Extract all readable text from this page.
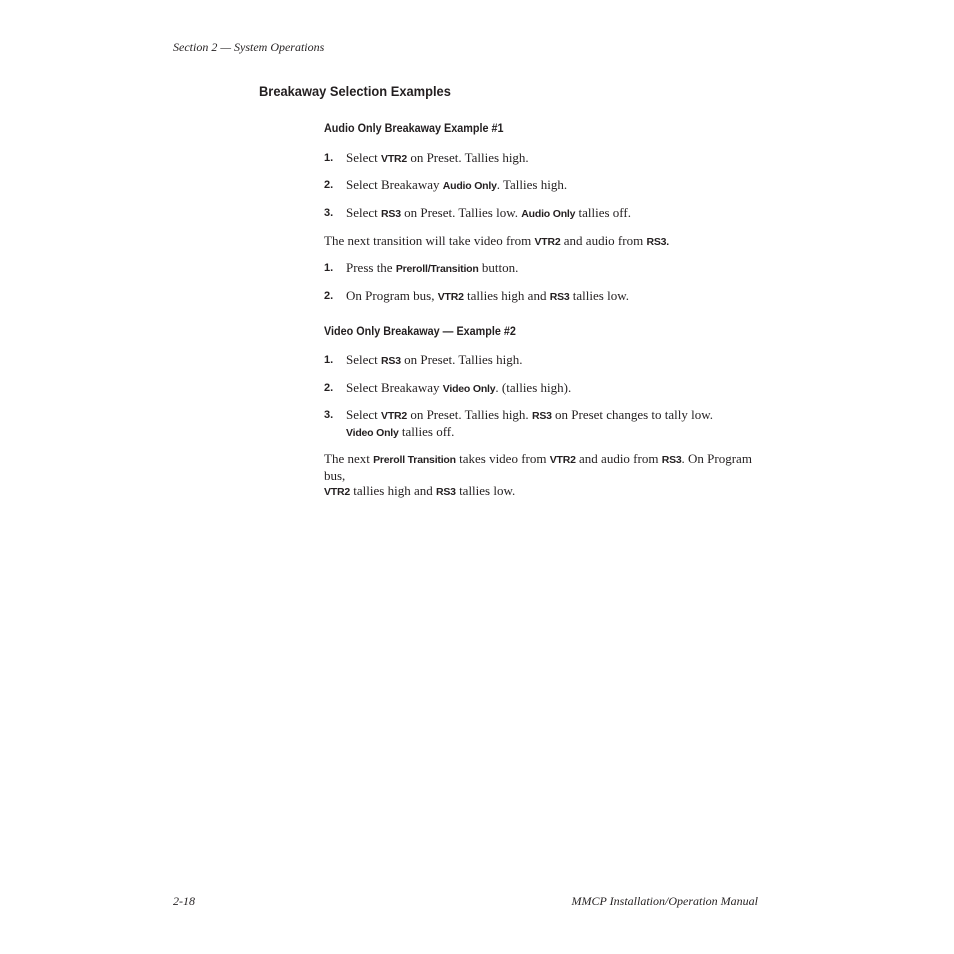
Section 2 — System Operations
Breakaway Selection Examples
Audio Only Breakaway Example #1
1. Select VTR2 on Preset. Tallies high.
2. Select Breakaway Audio Only. Tallies high.
3. Select RS3 on Preset. Tallies low. Audio Only tallies off.
The next transition will take video from VTR2 and audio from RS3.
1. Press the Preroll/Transition button.
2. On Program bus, VTR2 tallies high and RS3 tallies low.
Video Only Breakaway — Example #2
1. Select RS3 on Preset. Tallies high.
2. Select Breakaway Video Only. (tallies high).
3. Select VTR2 on Preset. Tallies high. RS3 on Preset changes to tally low.
Video Only tallies off.
The next Preroll Transition takes video from VTR2 and audio from RS3. On Program bus,
VTR2 tallies high and RS3 tallies low.
2-18	MMCP Installation/Operation Manual
